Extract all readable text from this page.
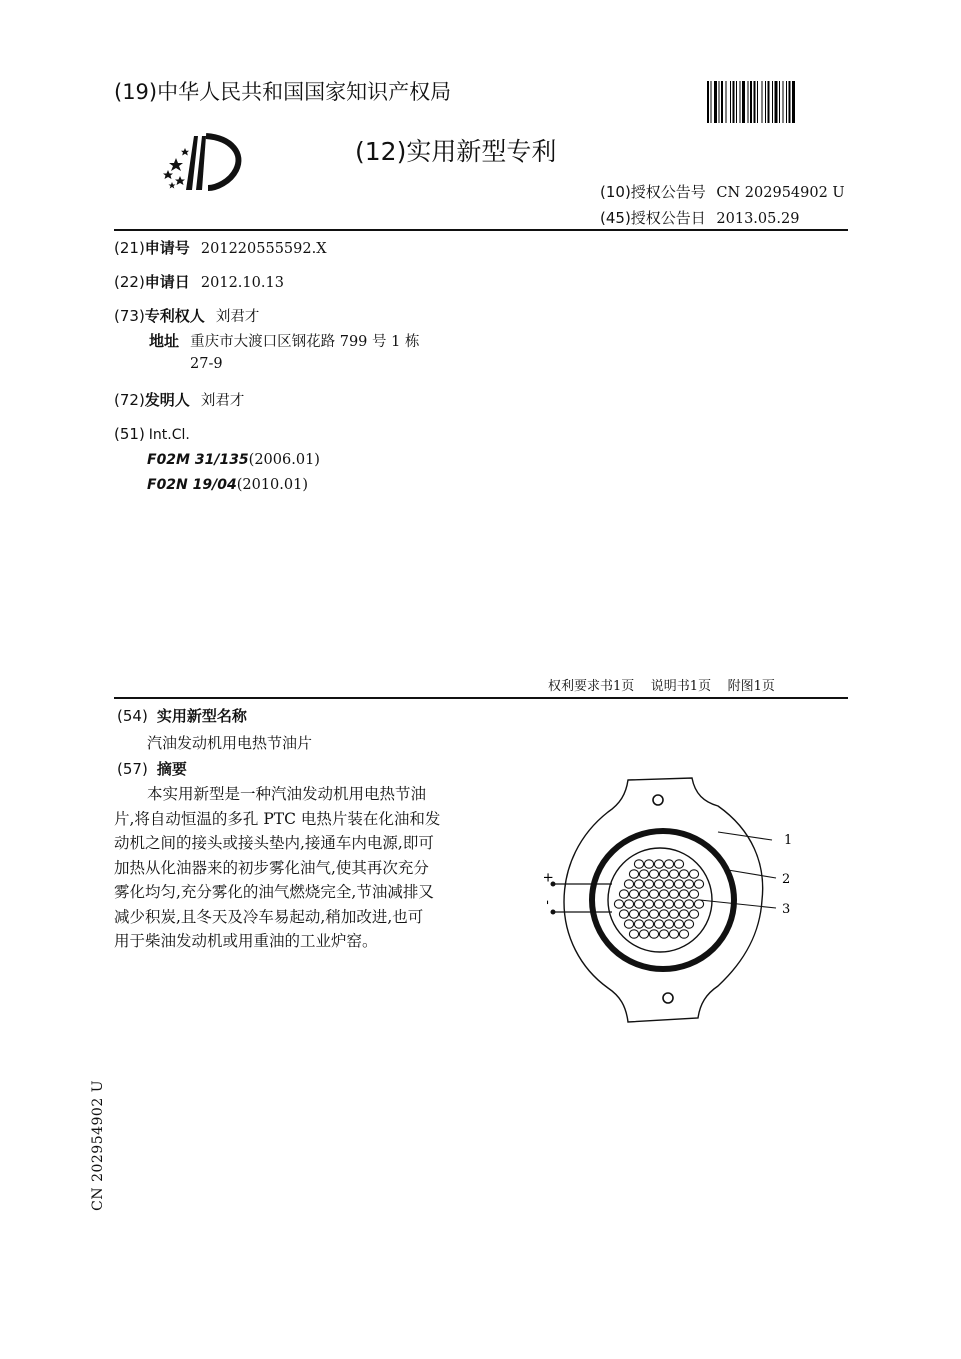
(19)中华人民共和国国家知识产权局
(12)实用新型专利
(10)授权公告号 CN 202954902 U
(45)授权公告日 2013.05.29
(21)申请号 201220555592.X
(22)申请日 2012.10.13
(73)专利权人 刘君才
地址 重庆市大渡口区钢花路 799 号 1 栋
27-9
(72)发明人 刘君才
(51) Int.Cl.
F02M 31/135(2006.01)
F02N 19/04(2010.01)
权利要求书1页    说明书1页    附图1页
(54) 实用新型名称
汽油发动机用电热节油片
(57) 摘要
本实用新型是一种汽油发动机用电热节油
片,将自动恒温的多孔 PTC 电热片装在化油和发
动机之间的接头或接头垫内,接通车内电源,即可
加热从化油器来的初步雾化油气,使其再次充分
雾化均匀,充分雾化的油气燃烧完全,节油减排又
减少积炭,且冬天及冷车易起动,稍加改进,也可
用于柴油发动机或用重油的工业炉窑。
+
-
1
2
3
CN 202954902 U
